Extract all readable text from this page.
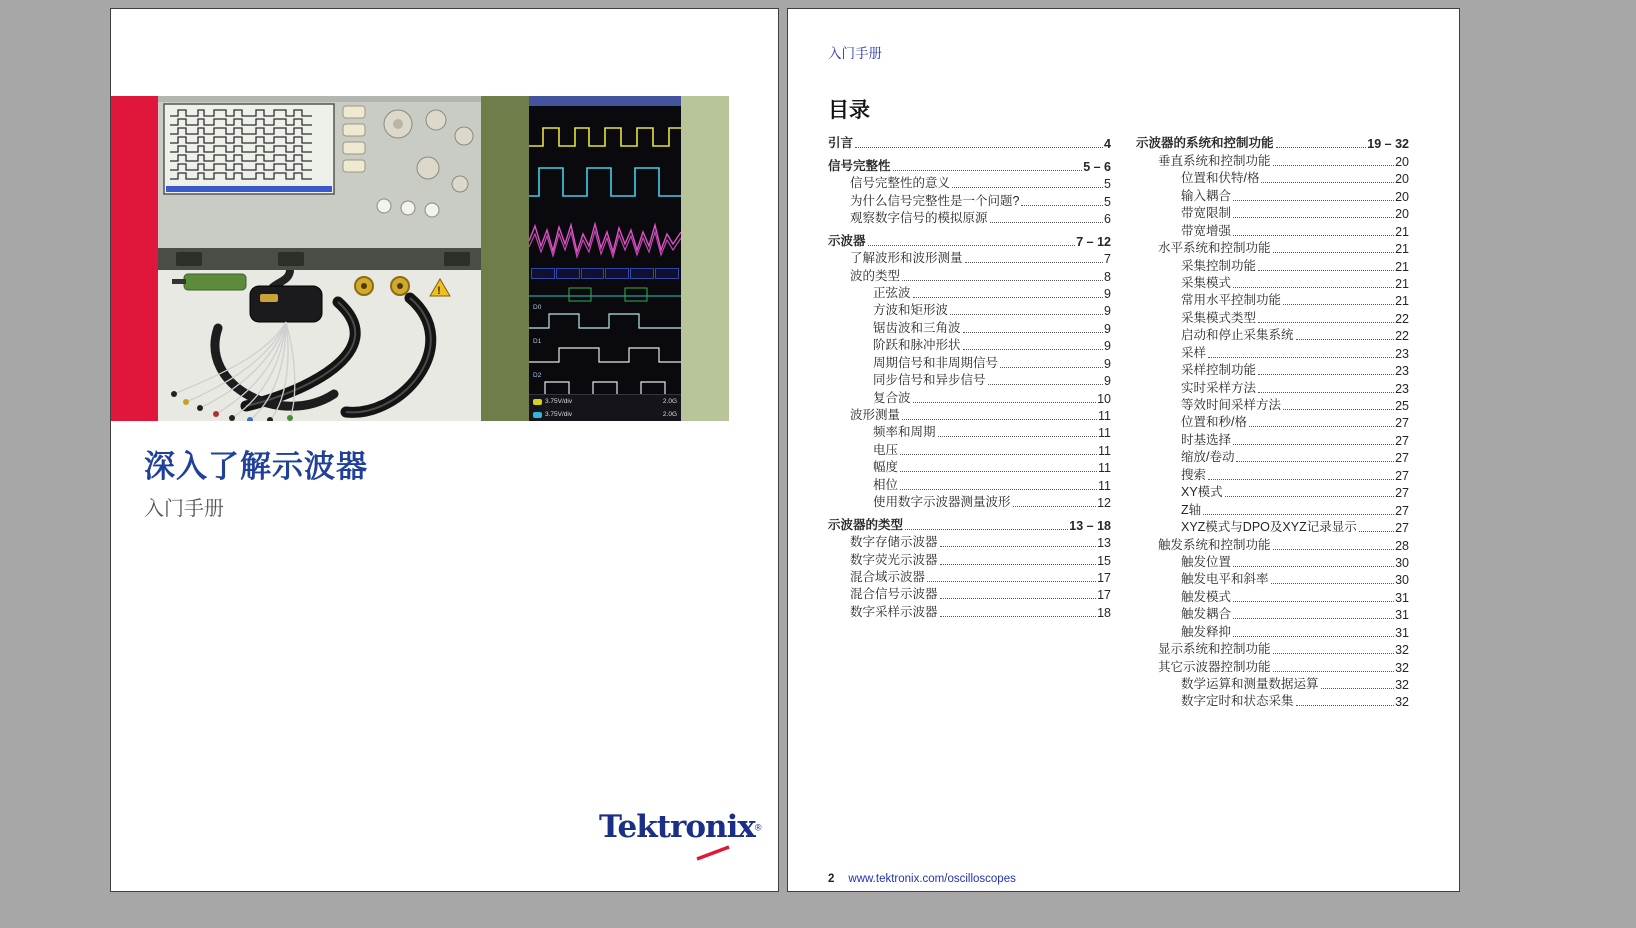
!
D0
D1
D2
3.75V/div	2.0G
3.75V/div	2.0G
深入了解示波器
入门手册
Tektronix®
入门手册
目录
引言	4
信号完整性	5 – 6
信号完整性的意义	5
为什么信号完整性是一个问题?	5
观察数字信号的模拟原源	6
示波器	7 – 12
了解波形和波形测量	7
波的类型	8
正弦波	9
方波和矩形波	9
锯齿波和三角波	9
阶跃和脉冲形状	9
周期信号和非周期信号	9
同步信号和异步信号	9
复合波	10
波形测量	11
频率和周期	11
电压	11
幅度	11
相位	11
使用数字示波器测量波形	12
示波器的类型	13 – 18
数字存储示波器	13
数字荧光示波器	15
混合域示波器	17
混合信号示波器	17
数字采样示波器	18
示波器的系统和控制功能	19 – 32
垂直系统和控制功能	20
位置和伏特/格	20
输入耦合	20
带宽限制	20
带宽增强	21
水平系统和控制功能	21
采集控制功能	21
采集模式	21
常用水平控制功能	21
采集模式类型	22
启动和停止采集系统	22
采样	23
采样控制功能	23
实时采样方法	23
等效时间采样方法	25
位置和秒/格	27
时基选择	27
缩放/卷动	27
搜索	27
XY模式	27
Z轴	27
XYZ模式与DPO及XYZ记录显示	27
触发系统和控制功能	28
触发位置	30
触发电平和斜率	30
触发模式	31
触发耦合	31
触发释抑	31
显示系统和控制功能	32
其它示波器控制功能	32
数学运算和测量数据运算	32
数字定时和状态采集	32
2 www.tektronix.com/oscilloscopes
